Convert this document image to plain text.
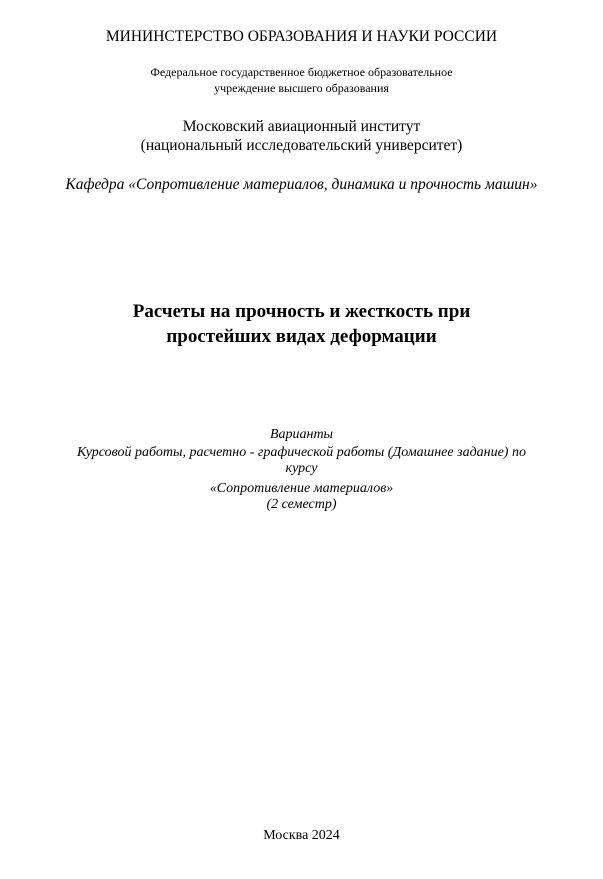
МИНИНСТЕРСТВО ОБРАЗОВАНИЯ И НАУКИ РОССИИ
Федеральное государственное бюджетное образовательное
учреждение высшего образования
Московский авиационный институт
(национальный исследовательский университет)
Кафедра «Сопротивление материалов, динамика и прочность машин»
Расчеты на прочность и жесткость при
простейших видах деформации
Варианты
Курсовой работы, расчетно - графической работы (Домашнее задание) по
курсу
«Сопротивление материалов»
(2 семестр)
Москва 2024
